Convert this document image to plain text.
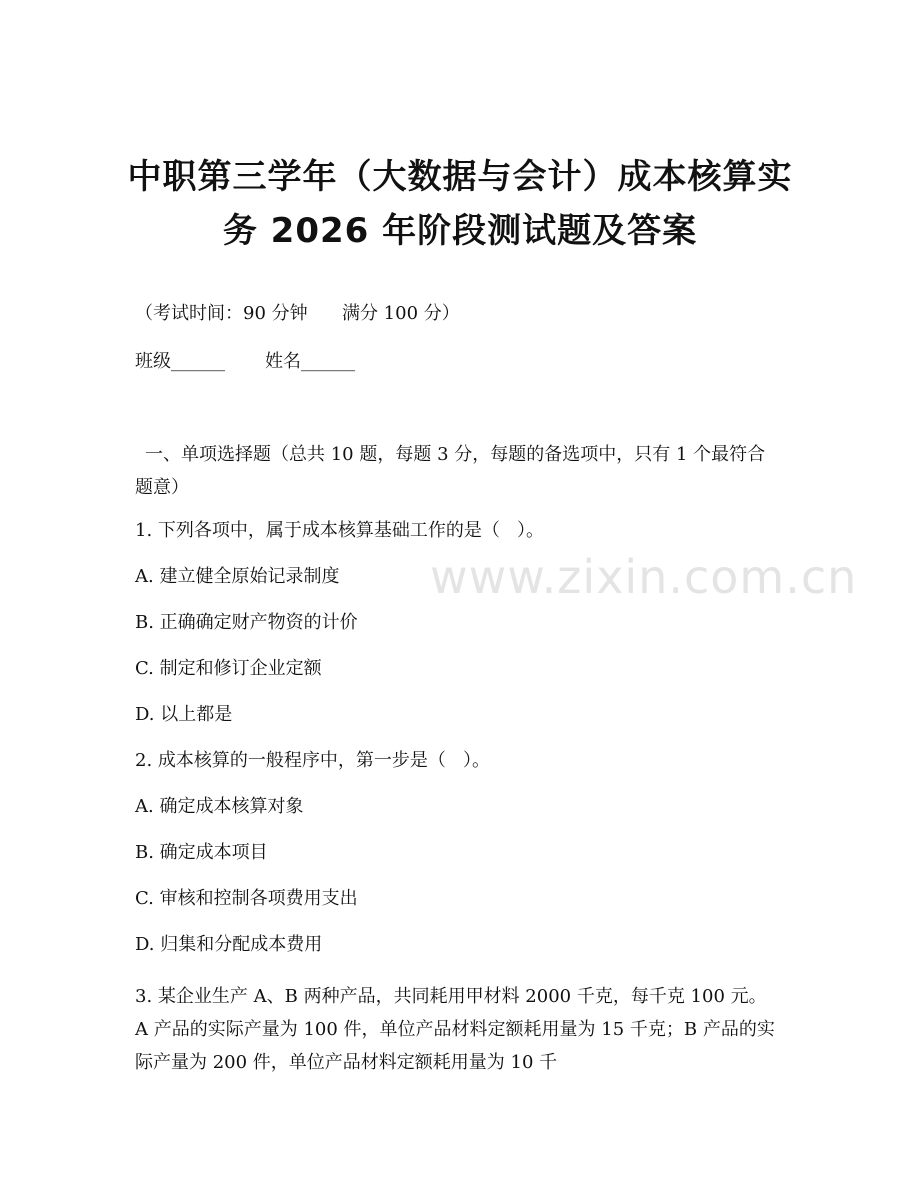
中职第三学年（大数据与会计）成本核算实
务 2026 年阶段测试题及答案
www.zixin.com.cn
（考试时间：90 分钟      满分 100 分）
班级______       姓名______
一、单项选择题（总共 10 题，每题 3 分，每题的备选项中，只有 1 个最符合题意）
1. 下列各项中，属于成本核算基础工作的是（   ）。
A. 建立健全原始记录制度
B. 正确确定财产物资的计价
C. 制定和修订企业定额
D. 以上都是
2. 成本核算的一般程序中，第一步是（   ）。
A. 确定成本核算对象
B. 确定成本项目
C. 审核和控制各项费用支出
D. 归集和分配成本费用
3. 某企业生产 A、B 两种产品，共同耗用甲材料 2000 千克，每千克 100 元。A 产品的实际产量为 100 件，单位产品材料定额耗用量为 15 千克；B 产品的实际产量为 200 件，单位产品材料定额耗用量为 10 千
